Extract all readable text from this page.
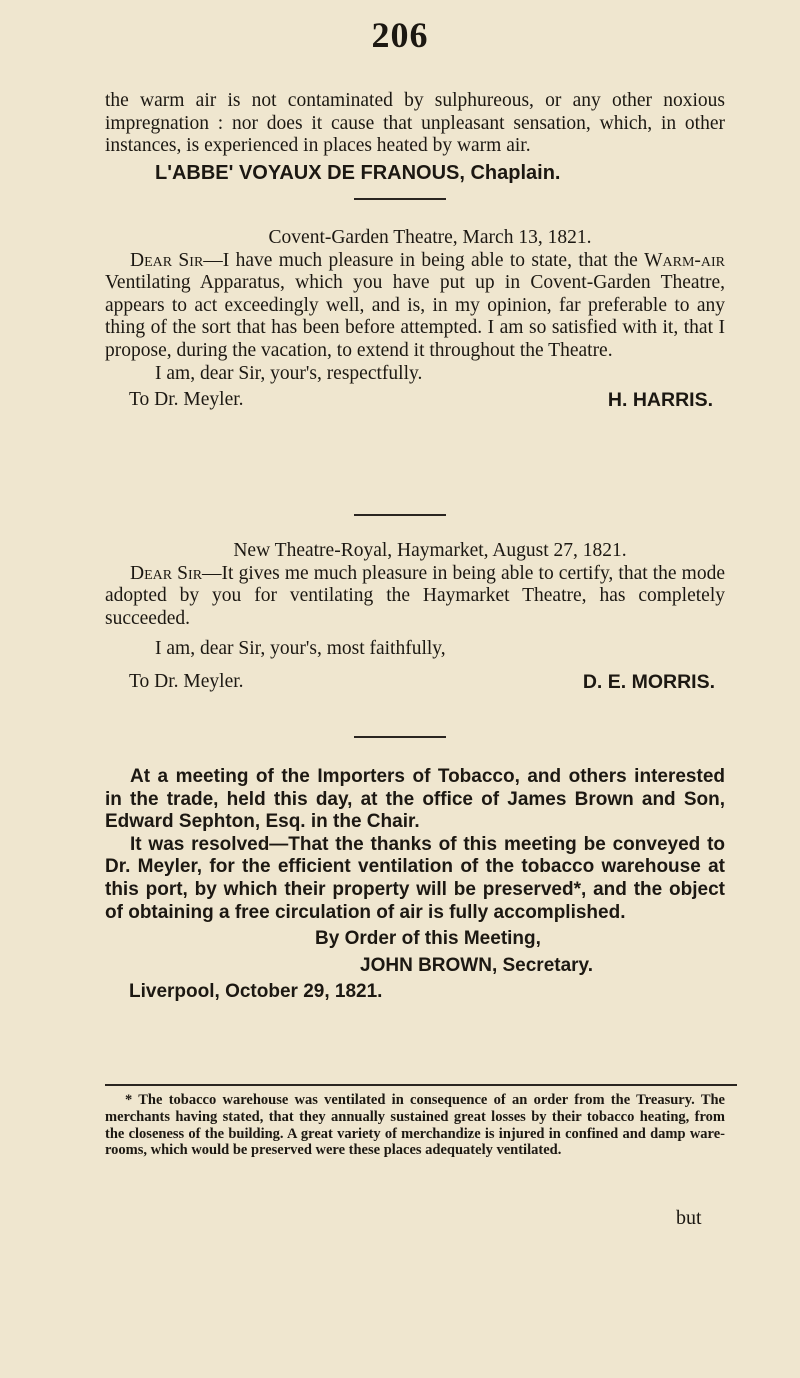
206

the warm air is not contaminated by sulphureous, or any other noxious impregnation : nor does it cause that unpleasant sensation, which, in other instances, is experienced in places heated by warm air.

L'ABBE' VOYAUX DE FRANOUS, Chaplain.

Covent-Garden Theatre, March 13, 1821.

Dear Sir—I have much pleasure in being able to state, that the Warm-air Ventilating Apparatus, which you have put up in Covent-Garden Theatre, appears to act exceedingly well, and is, in my opinion, far preferable to any thing of the sort that has been before attempted. I am so satisfied with it, that I propose, during the vacation, to extend it throughout the Theatre.

I am, dear Sir, your's, respectfully.

To Dr. Meyler.	H. HARRIS.

New Theatre-Royal, Haymarket, August 27, 1821.

Dear Sir—It gives me much pleasure in being able to certify, that the mode adopted by you for ventilating the Haymarket Theatre, has completely succeeded.

I am, dear Sir, your's, most faithfully,

To Dr. Meyler.	D. E. MORRIS.

At a meeting of the Importers of Tobacco, and others interested in the trade, held this day, at the office of James Brown and Son, Edward Sephton, Esq. in the Chair.

It was resolved—That the thanks of this meeting be conveyed to Dr. Meyler, for the efficient ventilation of the tobacco warehouse at this port, by which their property will be preserved*, and the object of obtaining a free circulation of air is fully accomplished.

By Order of this Meeting,

JOHN BROWN, Secretary.

Liverpool, October 29, 1821.

* The tobacco warehouse was ventilated in consequence of an order from the Treasury. The merchants having stated, that they annually sustained great losses by their tobacco heating, from the closeness of the building. A great variety of merchandize is injured in confined and damp ware-rooms, which would be preserved were these places adequately ventilated.

but
